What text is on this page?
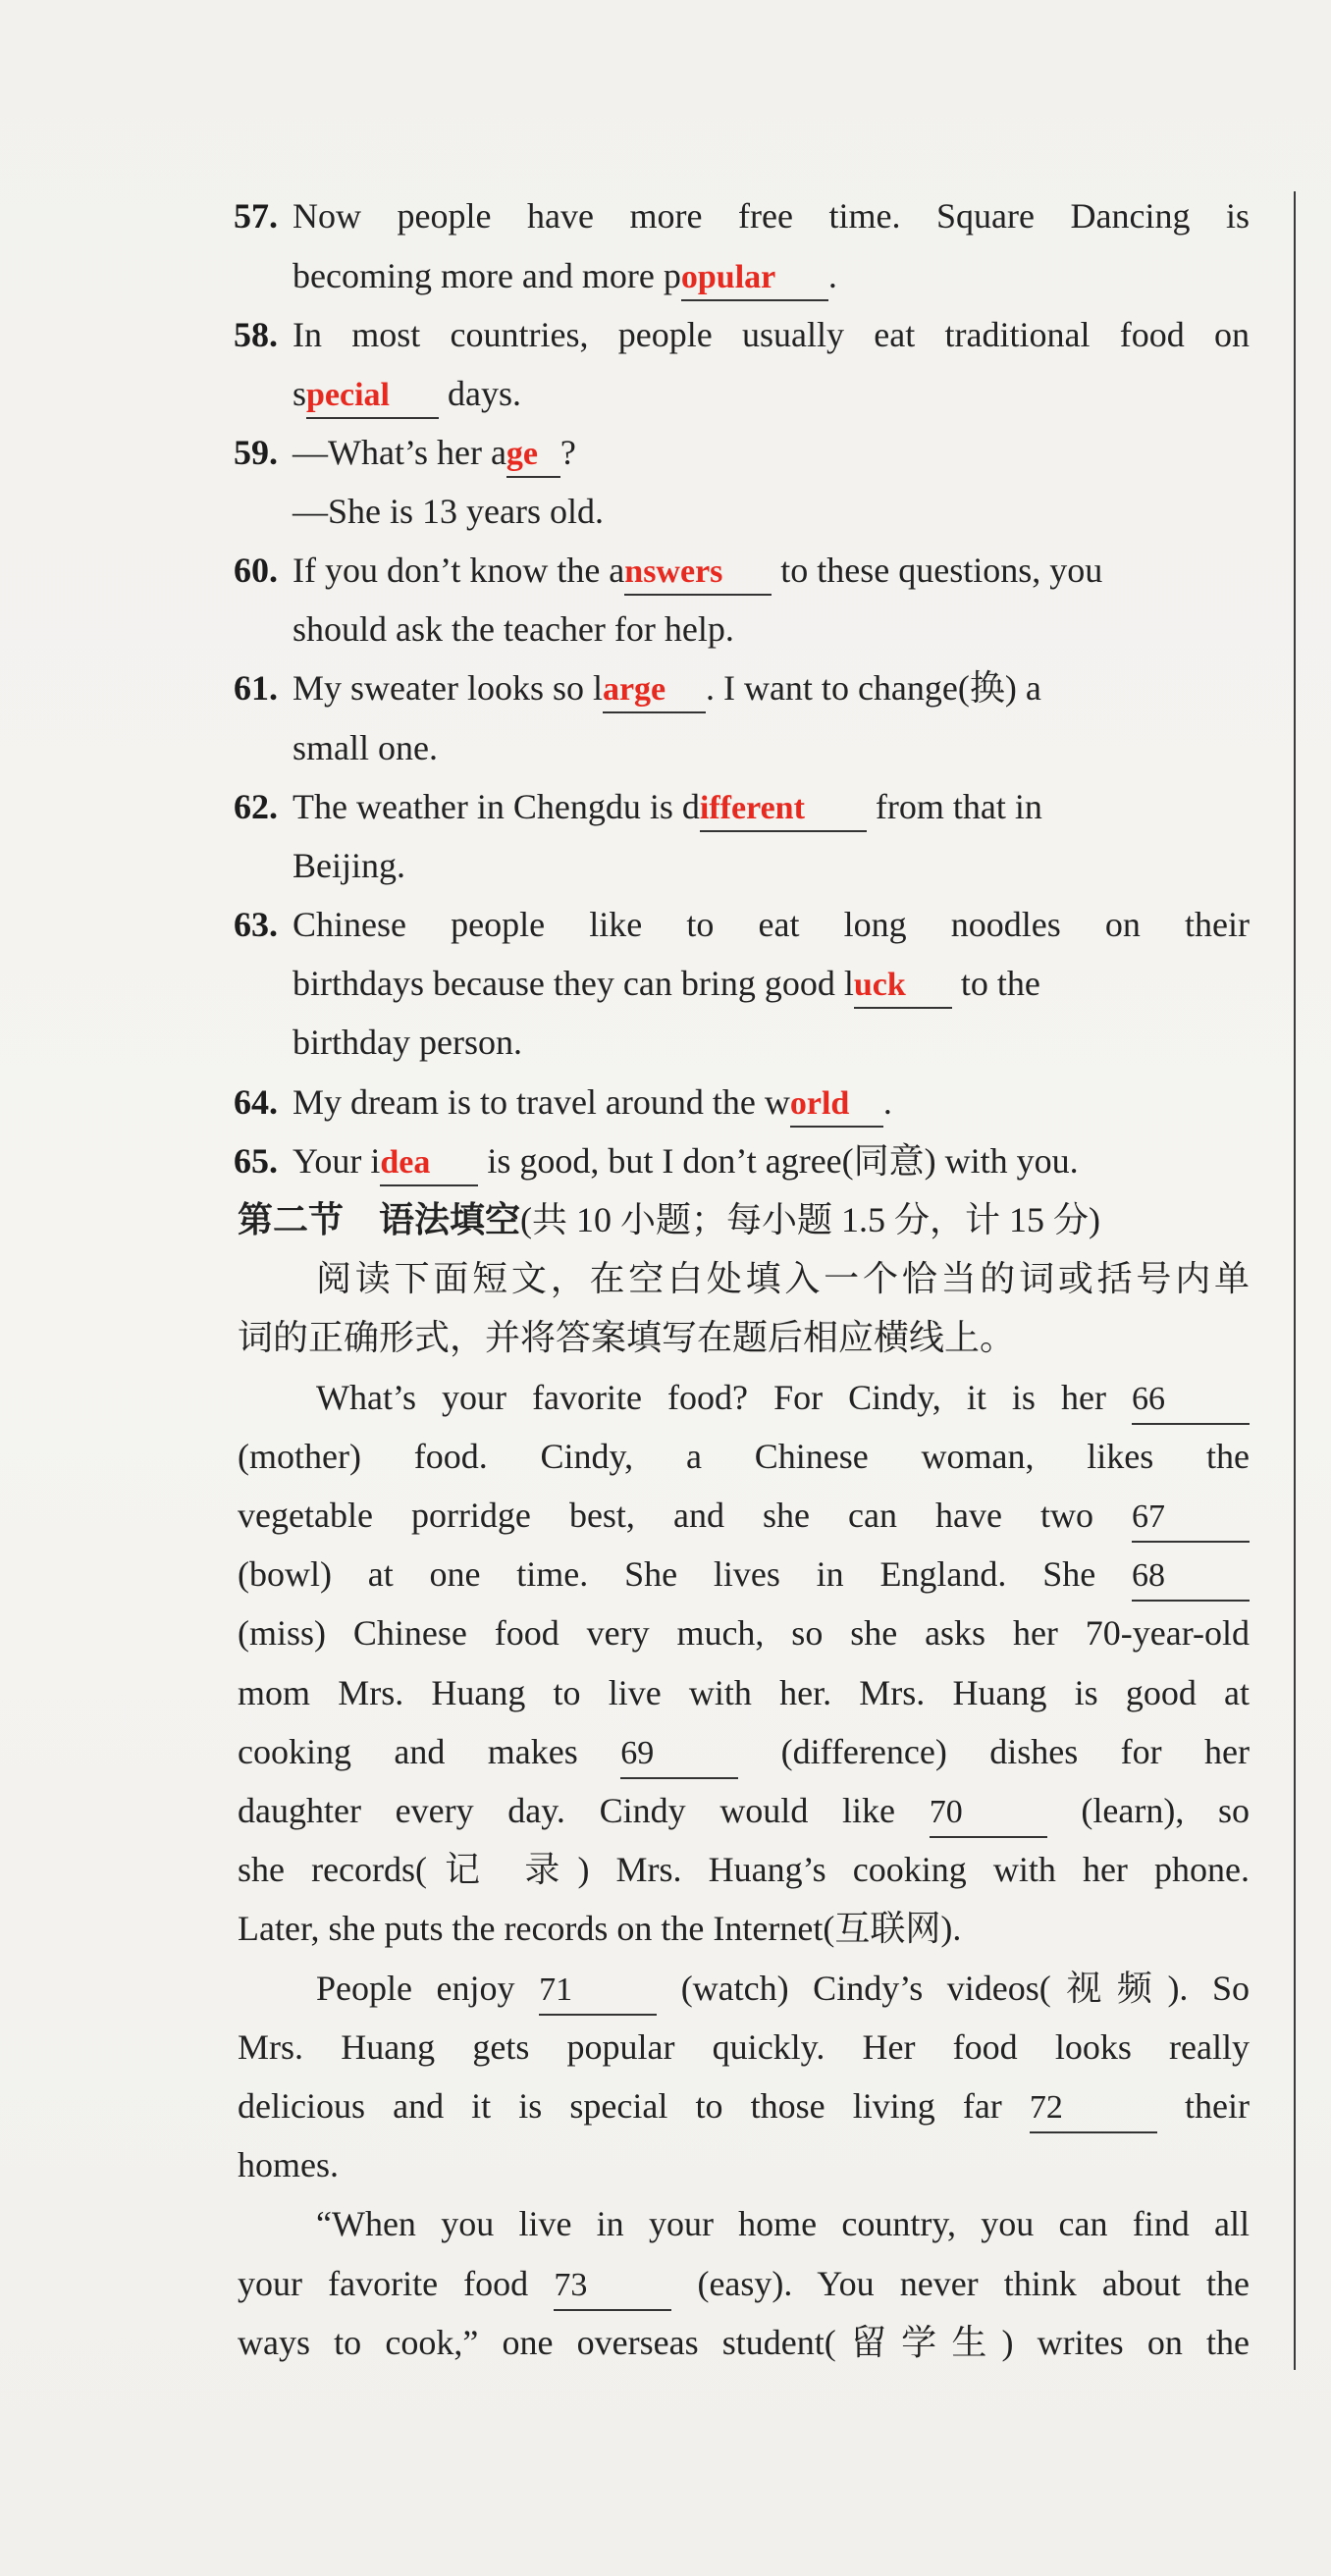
57. Now people have more free time. Square Dancing is
becoming more and more popular .
58. In most countries, people usually eat traditional food on
special days.
59. —What’s her age ?
—She is 13 years old.
60. If you don’t know the answers to these questions, you
should ask the teacher for help.
61. My sweater looks so large . I want to change(换) a
small one.
62. The weather in Chengdu is different from that in
Beijing.
63. Chinese people like to eat long noodles on their
birthdays because they can bring good luck to the
birthday person.
64. My dream is to travel around the world .
65. Your idea is good, but I don’t agree(同意) with you.
第二节　语法填空(共 10 小题；每小题 1.5 分，计 15 分)
阅读下面短文，在空白处填入一个恰当的词或括号内单
词的正确形式，并将答案填写在题后相应横线上。
What’s your favorite food? For Cindy, it is her 66
(mother) food. Cindy, a Chinese woman, likes the
vegetable porridge best, and she can have two 67
(bowl) at one time. She lives in England. She 68
(miss) Chinese food very much, so she asks her 70-year-old
mom Mrs. Huang to live with her. Mrs. Huang is good at
cooking and makes 69	(difference) dishes for her
daughter every day. Cindy would like 70	(learn), so
she records(记 录) Mrs. Huang’s cooking with her phone.
Later, she puts the records on the Internet(互联网).
People enjoy 71	(watch) Cindy’s videos(视频). So
Mrs. Huang gets popular quickly. Her food looks really
delicious and it is special to those living far 72	their
homes.
“When you live in your home country, you can find all
your favorite food 73	(easy). You never think about the
ways to cook,” one overseas student(留学生) writes on the
